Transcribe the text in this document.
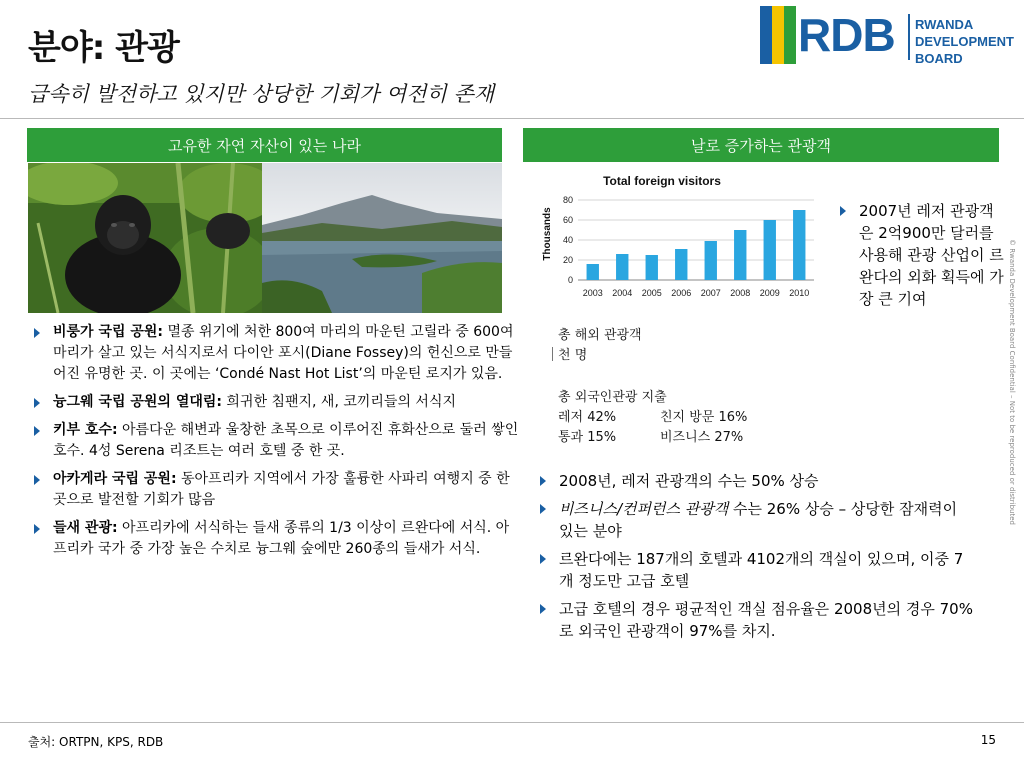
분야: 관광
급속히 발전하고 있지만 상당한 기회가 여전히 존재
RDB RWANDA
DEVELOPMENT BOARD
고유한 자연 자산이 있는 나라	날로 증가하는 관광객
비룽가 국립 공원: 멸종 위기에 처한 800여 마리의 마운틴 고릴라 중 600여 마리가 살고 있는 서식지로서 다이안 포시(Diane Fossey)의 헌신으로 만들어진 유명한 곳. 이 곳에는 ‘Condé Nast Hot List’의 마운틴 로지가 있음.
늉그웨 국립 공원의 열대림: 희귀한 침팬지, 새, 코끼리들의 서식지
키부 호수: 아름다운 해변과 울창한 초목으로 이루어진 휴화산으로 둘러 쌓인 호수. 4성 Serena 리조트는 여러 호텔 중 한 곳.
아카게라 국립 공원: 동아프리카 지역에서 가장 훌륭한 사파리 여행지 중 한 곳으로 발전할 기회가 많음
들새 관광: 아프리카에 서식하는 들새 종류의 1/3 이상이 르완다에 서식. 아프리카 국가 중 가장 높은 수치로 늉그웨 숲에만 260종의 들새가 서식.
Total foreign visitors
Thousands
0
20
40
60
80
2003 2004 2005 2006 2007 2008 2009 2010
총 해외 관광객
천 명
총 외국인관광 지출
레저 42%	친지 방문 16%
통과 15%	비즈니스 27%
2007년 레저 관광객은 2억900만 달러를 사용해 관광 산업이 르완다의 외화 획득에 가장 큰 기여
2008년, 레저 관광객의 수는 50% 상승
비즈니스/컨퍼런스 관광객 수는 26% 상승 – 상당한 잠재력이 있는 분야
르완다에는 187개의 호텔과 4102개의 객실이 있으며, 이중 7개 정도만 고급 호텔
고급 호텔의 경우 평균적인 객실 점유율은 2008년의 경우 70%로 외국인 관광객이 97%를 차지.
© Rwanda Development Board Confidential – Not to be reproduced or distributed
출처: ORTPN, KPS, RDB	15
